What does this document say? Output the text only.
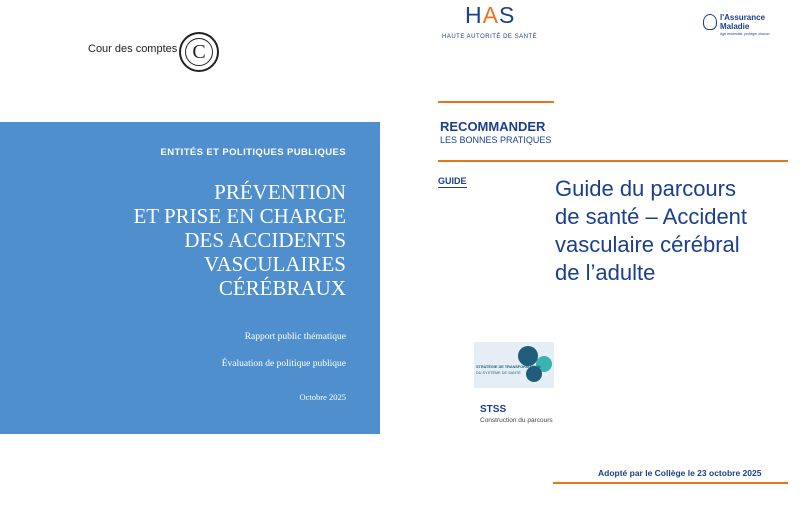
Cour des comptes C
ENTITÉS ET POLITIQUES PUBLIQUES
PRÉVENTION
ET PRISE EN CHARGE
DES ACCIDENTS
VASCULAIRES
CÉRÉBRAUX
Rapport public thématique
Évaluation de politique publique
Octobre 2025
HAS
HAUTE AUTORITÉ DE SANTÉ
l'Assurance
Maladie
Agir ensemble, protéger chacun
RECOMMANDER
LES BONNES PRATIQUES
GUIDE	Guide du parcours
de santé – Accident
vasculaire cérébral
de l’adulte
STRATÉGIE DE TRANSFORMATION
DU SYSTÈME DE SANTÉ
STSS
Construction du parcours
Adopté par le Collège le 23 octobre 2025
